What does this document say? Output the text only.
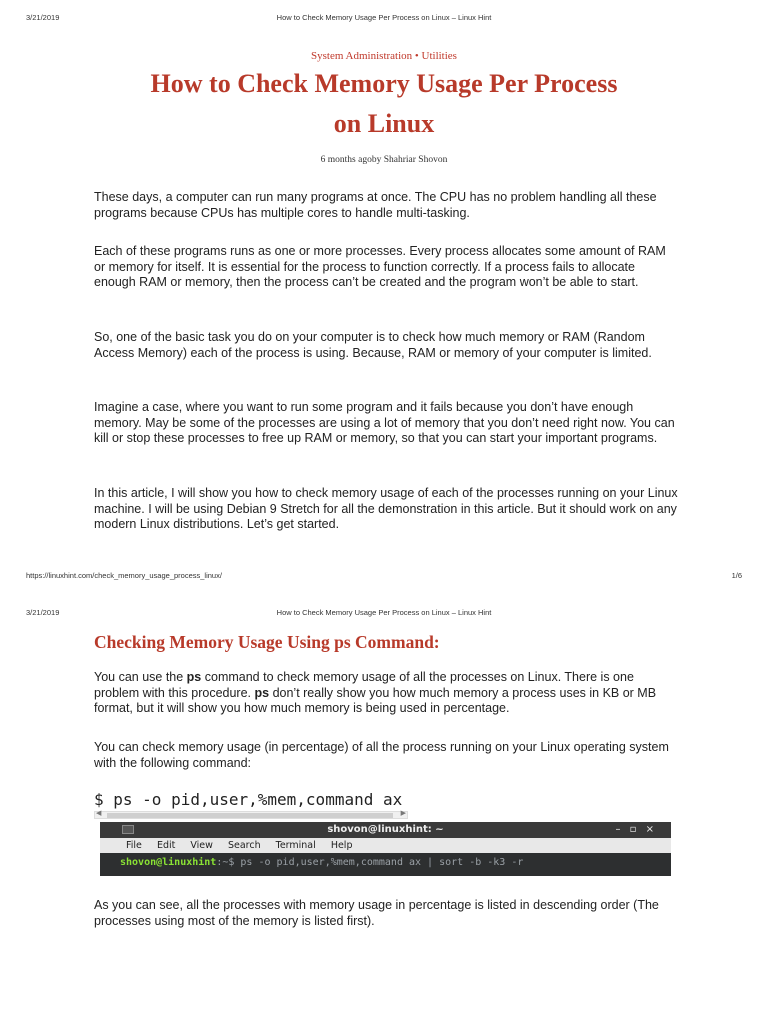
3/21/2019	How to Check Memory Usage Per Process on Linux – Linux Hint
System Administration • Utilities
How to Check Memory Usage Per Process
on Linux
6 months agoby Shahriar Shovon

These days, a computer can run many programs at once. The CPU has no problem handling all these programs because CPUs has multiple cores to handle multi-tasking.

Each of these programs runs as one or more processes. Every process allocates some amount of RAM or memory for itself. It is essential for the process to function correctly. If a process fails to allocate enough RAM or memory, then the process can’t be created and the program won’t be able to start.

So, one of the basic task you do on your computer is to check how much memory or RAM (Random Access Memory) each of the process is using. Because, RAM or memory of your computer is limited.

Imagine a case, where you want to run some program and it fails because you don’t have enough memory. May be some of the processes are using a lot of memory that you don’t need right now. You can kill or stop these processes to free up RAM or memory, so that you can start your important programs.

In this article, I will show you how to check memory usage of each of the processes running on your Linux machine. I will be using Debian 9 Stretch for all the demonstration in this article. But it should work on any modern Linux distributions. Let’s get started.

https://linuxhint.com/check_memory_usage_process_linux/	1/6
3/21/2019	How to Check Memory Usage Per Process on Linux – Linux Hint
Checking Memory Usage Using ps Command:

You can use the ps command to check memory usage of all the processes on Linux. There is one problem with this procedure. ps don’t really show you how much memory a process uses in KB or MB format, but it will show you how much memory is being used in percentage.

You can check memory usage (in percentage) of all the process running on your Linux operating system with the following command:

$ ps -o pid,user,%mem,command ax
◀	▶
shovon@linuxhint: ~	– ▫ ×
File Edit View Search Terminal Help
shovon@linuxhint:~$ ps -o pid,user,%mem,command ax | sort -b -k3 -r

As you can see, all the processes with memory usage in percentage is listed in descending order (The processes using most of the memory is listed first).
